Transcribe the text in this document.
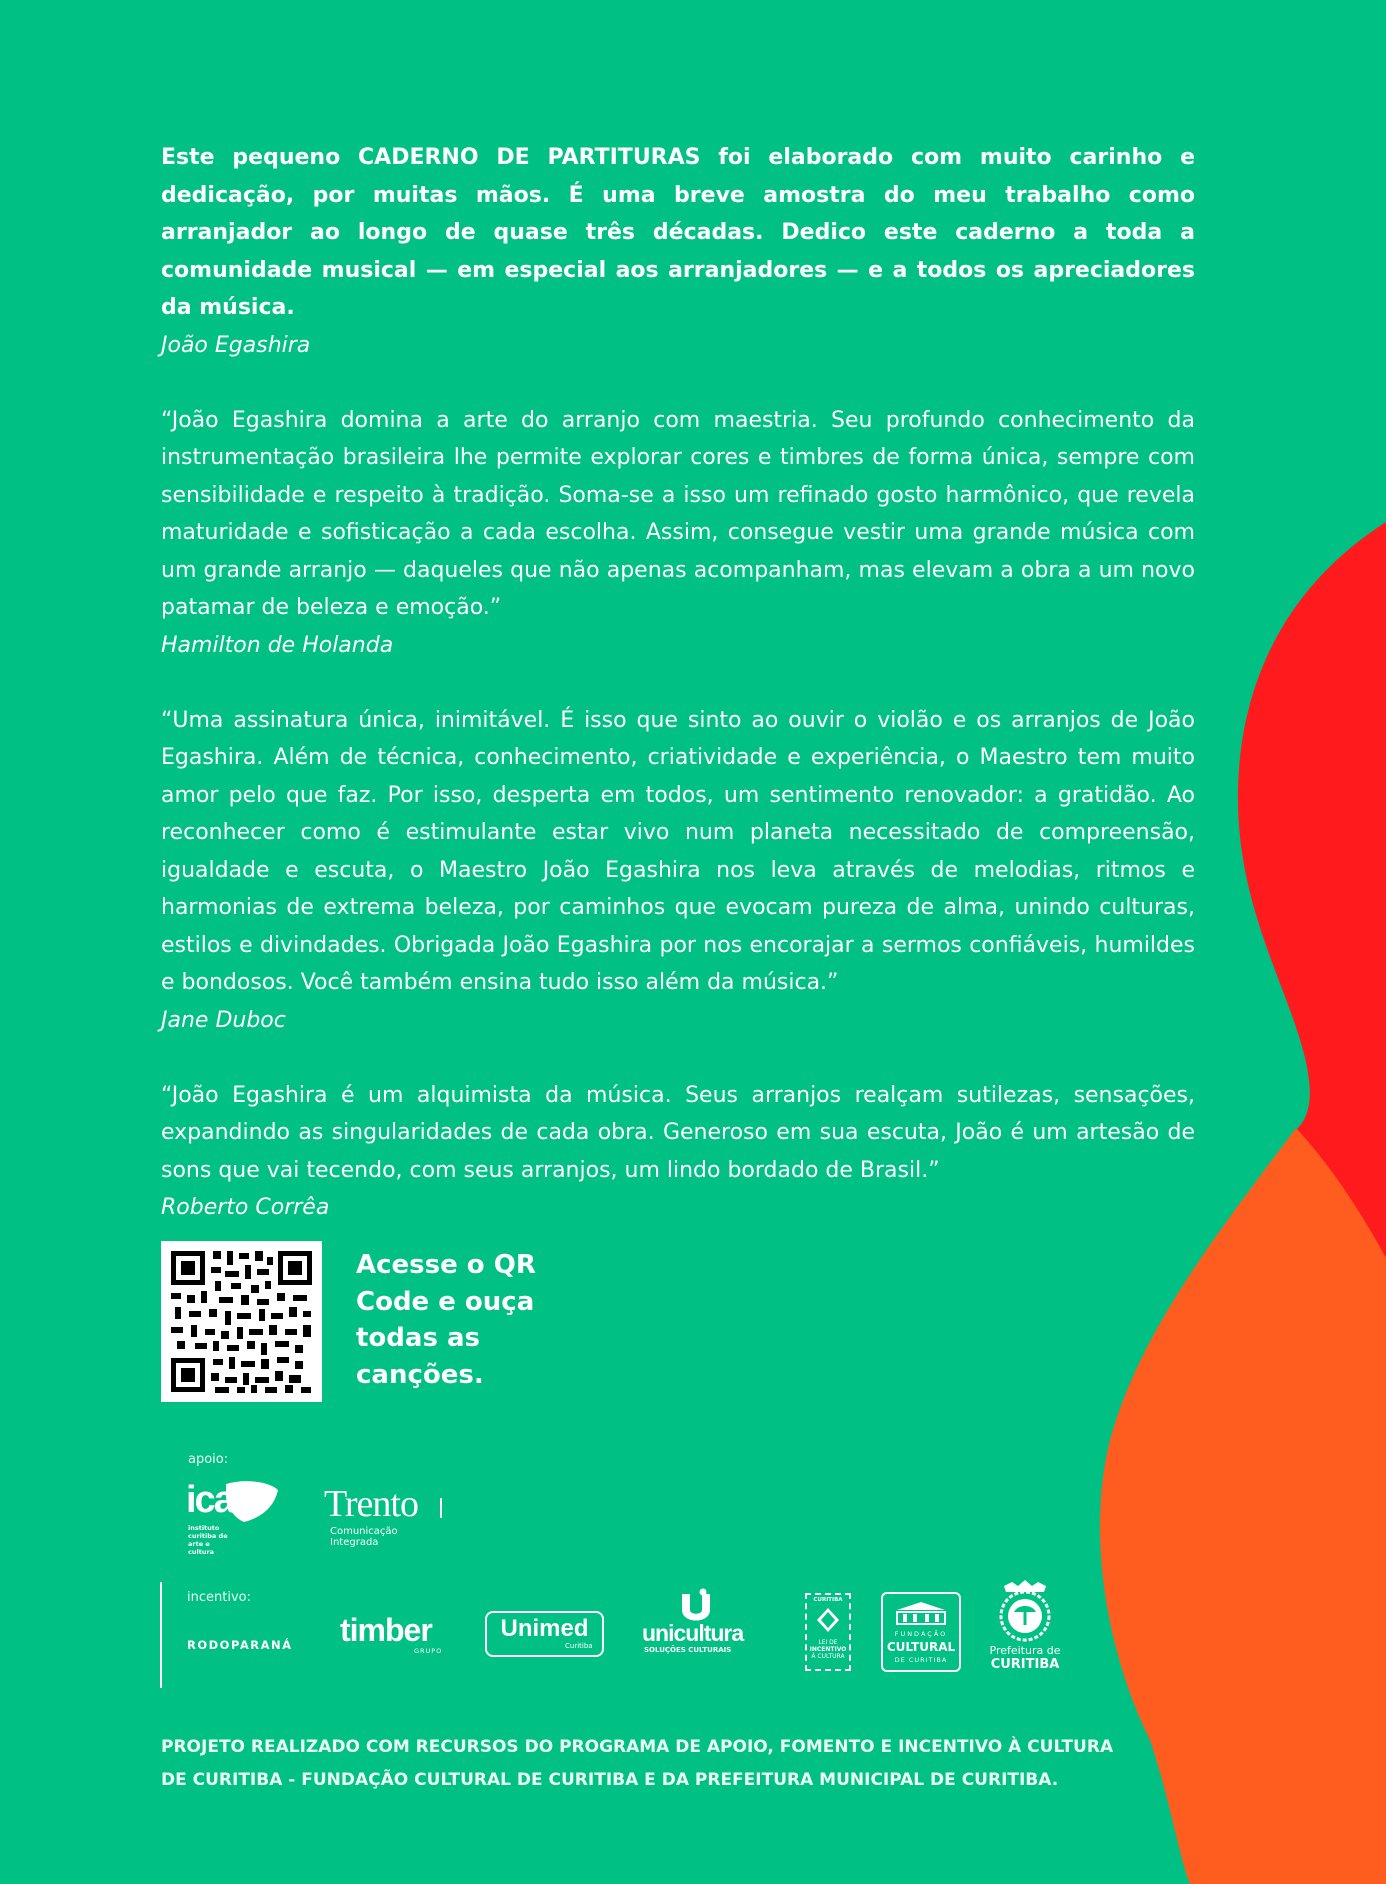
Este pequeno CADERNO DE PARTITURAS foi elaborado com muito carinho e dedicação, por muitas mãos. É uma breve amostra do meu trabalho como arranjador ao longo de quase três décadas. Dedico este caderno a toda a comunidade musical — em especial aos arranjadores — e a todos os apreciadores da música.

João Egashira

“João Egashira domina a arte do arranjo com maestria. Seu profundo conhecimento da instrumentação brasileira lhe permite explorar cores e timbres de forma única, sempre com sensibilidade e respeito à tradição. Soma-se a isso um refinado gosto harmônico, que revela maturidade e sofisticação a cada escolha. Assim, consegue vestir uma grande música com um grande arranjo — daqueles que não apenas acompanham, mas elevam a obra a um novo patamar de beleza e emoção.”

Hamilton de Holanda

“Uma assinatura única, inimitável. É isso que sinto ao ouvir o violão e os arranjos de João Egashira. Além de técnica, conhecimento, criatividade e experiência, o Maestro tem muito amor pelo que faz. Por isso, desperta em todos, um sentimento renovador: a gratidão. Ao reconhecer como é estimulante estar vivo num planeta necessitado de compreensão, igualdade e escuta, o Maestro João Egashira nos leva através de melodias, ritmos e harmonias de extrema beleza, por caminhos que evocam pureza de alma, unindo culturas, estilos e divindades. Obrigada João Egashira por nos encorajar a sermos confiáveis, humildes e bondosos. Você também ensina tudo isso além da música.”

Jane Duboc

“João Egashira é um alquimista da música. Seus arranjos realçam sutilezas, sensações, expandindo as singularidades de cada obra. Generoso em sua escuta, João é um artesão de sons que vai tecendo, com seus arranjos, um lindo bordado de Brasil.”

Roberto Corrêa

Acesse o QR Code e ouça todas as canções.

apoio:
icac
instituto curitiba de arte e cultura
Trento
Comunicação
Integrada
incentivo:
RODOPARANÁ timber
GRUPO
Unimed
Curitiba unicultura
SOLUÇÕES CULTURAIS
CURITIBA
LEI DE
INCENTIVO
À CULTURA
FUNDAÇÃO
CULTURAL
DE CURITIBA
Prefeitura de
CURITIBA

PROJETO REALIZADO COM RECURSOS DO PROGRAMA DE APOIO, FOMENTO E INCENTIVO À CULTURA DE CURITIBA - FUNDAÇÃO CULTURAL DE CURITIBA E DA PREFEITURA MUNICIPAL DE CURITIBA.
